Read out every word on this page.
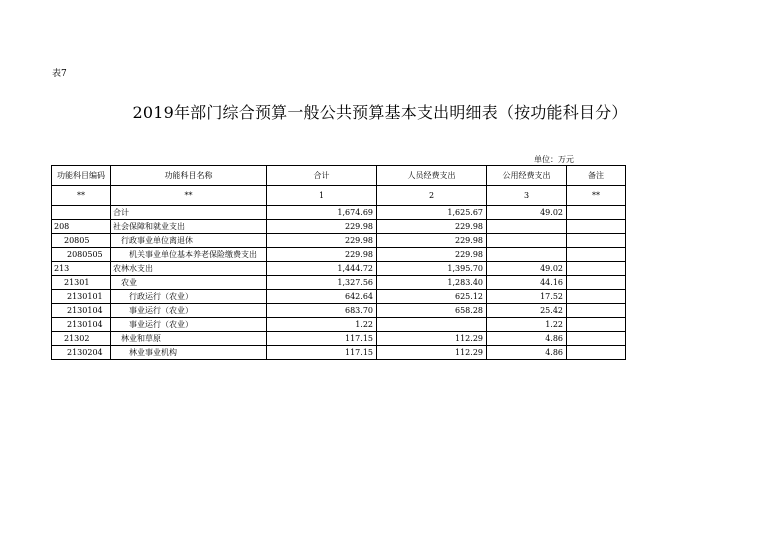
表7
2019年部门综合预算一般公共预算基本支出明细表（按功能科目分）
单位：万元
功能科目编码	功能科目名称	合计	人员经费支出	公用经费支出	备注
**	**	1	2	3	**
	合计	1,674.69	1,625.67	49.02	
208	社会保障和就业支出	229.98	229.98		
20805	行政事业单位离退休	229.98	229.98		
2080505	机关事业单位基本养老保险缴费支出	229.98	229.98		
213	农林水支出	1,444.72	1,395.70	49.02	
21301	农业	1,327.56	1,283.40	44.16	
2130101	行政运行（农业）	642.64	625.12	17.52	
2130104	事业运行（农业）	683.70	658.28	25.42	
2130104	事业运行（农业）	1.22		1.22	
21302	林业和草原	117.15	112.29	4.86	
2130204	林业事业机构	117.15	112.29	4.86	
